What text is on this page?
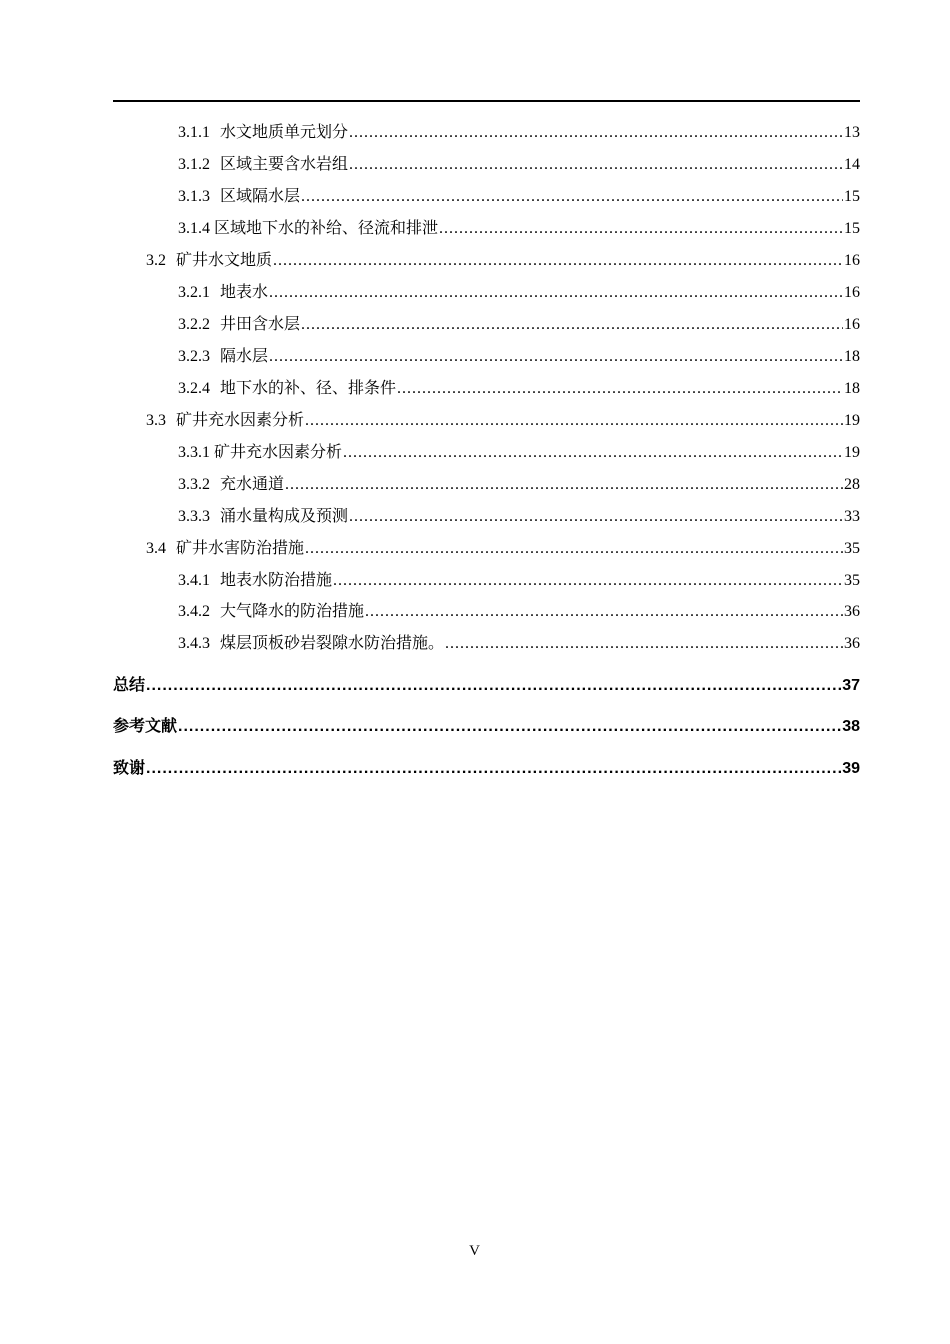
3.1.1 水文地质单元划分 .....	13
3.1.2 区域主要含水岩组 .....	14
3.1.3 区域隔水层 .....	15
3.1.4 区域地下水的补给、径流和排泄 .....	15
3.2 矿井水文地质 .....	16
3.2.1 地表水 .....	16
3.2.2 井田含水层 .....	16
3.2.3 隔水层 .....	18
3.2.4 地下水的补、径、排条件 .....	18
3.3 矿井充水因素分析 .....	19
3.3.1 矿井充水因素分析 .....	19
3.3.2 充水通道 .....	28
3.3.3 涌水量构成及预测 .....	33
3.4 矿井水害防治措施 .....	35
3.4.1 地表水防治措施 .....	35
3.4.2 大气降水的防治措施 .....	36
3.4.3 煤层顶板砂岩裂隙水防治措施。 .....	36
总结 .....	37
参考文献 .....	38
致谢 .....	39
V
